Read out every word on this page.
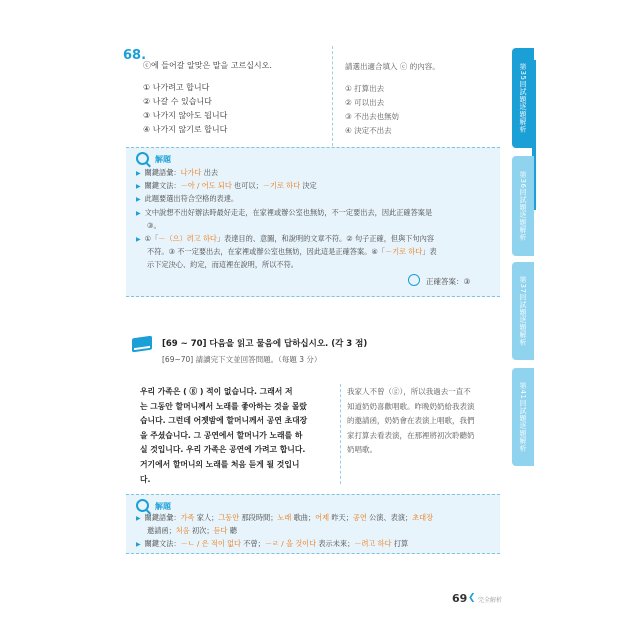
第35回試題逐題解析
第36回試題逐題解析
第37回試題逐題解析
第41回試題逐題解析
68.
ⓒ에 들어갈 알맞은 말을 고르십시오.
① 나가려고 합니다
② 나갈 수 있습니다
③ 나가지 않아도 됩니다
④ 나가지 않기로 합니다
請選出適合填入 ⓒ 的內容。
① 打算出去
② 可以出去
③ 不出去也無妨
④ 決定不出去
解題
▶ 關鍵語彙：나가다 出去
▶ 關鍵文法：－아 / 어도 되다 也可以；－기로 하다 決定
▶ 此題要選出符合空格的表達。
▶ 文中說想不出好辦法時最好走走，在家裡或辦公室也無妨，不一定要出去，因此正確答案是
③。
▶ ①「－（으）려고 하다」表達目的、意圖，和說明的文章不符。② 句子正確，但與下句內容
不符。③ 不一定要出去，在家裡或辦公室也無妨，因此這是正確答案。④「－기로 하다」表
示下定決心、約定，而這裡在說明，所以不符。
正確答案：③
[69 ~ 70] 다음을 읽고 물음에 답하십시오. (각 3 점)
[69~70] 請讀完下文並回答問題。（每題 3 分）
우리 가족은 ( ⓖ ) 적이 없습니다. 그래서 저
는 그동안 할머니께서 노래를 좋아하는 것을 몰랐
습니다. 그런데 어젯밤에 할머니께서 공연 초대장
을 주셨습니다. 그 공연에서 할머니가 노래를 하
실 것입니다. 우리 가족은 공연에 가려고 합니다.
거기에서 할머니의 노래를 처음 듣게 될 것입니
다.
我家人不曾（ⓖ），所以我過去一直不
知道奶奶喜歡唱歌。昨晚奶奶給我表演
的邀請函，奶奶會在表演上唱歌，我們
家打算去看表演，在那裡將初次聆聽奶
奶唱歌。
解題
▶ 關鍵語彙：가족 家人；그동안 那段時間；노래 歌曲；어제 昨天；공연 公演、表演；초대장
邀請函；처음 初次；듣다 聽
▶ 關鍵文法：－ㄴ / 은 적이 없다 不曾；－ㄹ / 을 것이다 表示未來；－려고 하다 打算
69 ❮ 完全解析
